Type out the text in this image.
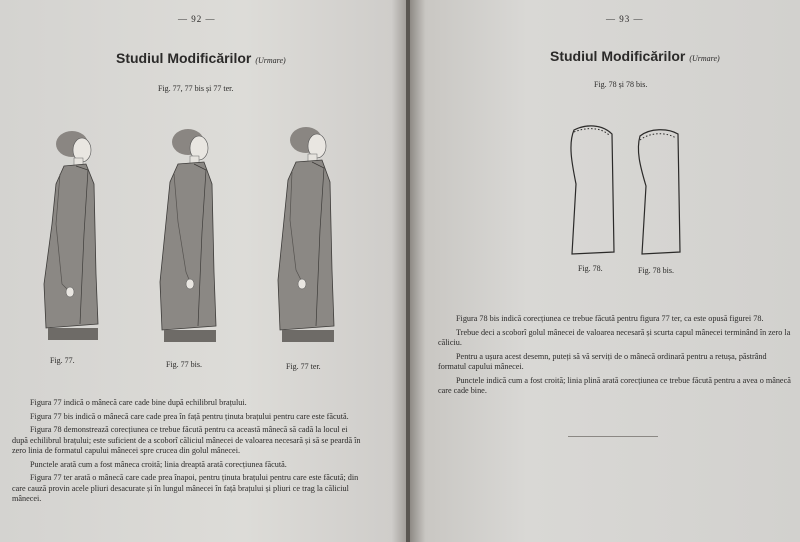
— 92 —
Studiul Modificărilor (Urmare)
Fig. 77, 77 bis și 77 ter.
Fig. 77.	Fig. 77 bis.	Fig. 77 ter.

Figura 77 indică o mânecă care cade bine după echilibrul brațului.

Figura 77 bis indică o mânecă care cade prea în față pentru ținuta brațului pentru care este făcută.

Figura 78 demonstrează corecțiunea ce trebue făcută pentru ca această mânecă să cadă la locul ei după echilibrul brațului; este suficient de a scoborî căliciul mânecei de valoarea necesară și să se peardă în zero linia de formatul capului mânecei spre crucea din golul mânecei.

Punctele arată cum a fost mâneca croită; linia dreaptă arată corecțiunea făcută.

Figura 77 ter arată o mânecă care cade prea înapoi, pentru ținuta brațului pentru care este făcută; din care cauză provin acele pliuri desacurate și în lungul mânecei în față brațului și pliuri ce trag la căliciul mânecei.

— 93 —
Studiul Modificărilor (Urmare)
Fig. 78 și 78 bis.
Fig. 78.	Fig. 78 bis.

Figura 78 bis indică corecțiunea ce trebue făcută pentru figura 77 ter, ca este opusă figurei 78.

Trebue deci a scoborî golul mânecei de valoarea necesară și scurta capul mânecei terminând în zero la căliciu.

Pentru a ușura acest desemn, puteți să vă serviți de o mânecă ordinară pentru a retușa, păstrând formatul capului mânecei.

Punctele indică cum a fost croită; linia plină arată corecțiunea ce trebue făcută pentru a avea o mânecă care cade bine.
